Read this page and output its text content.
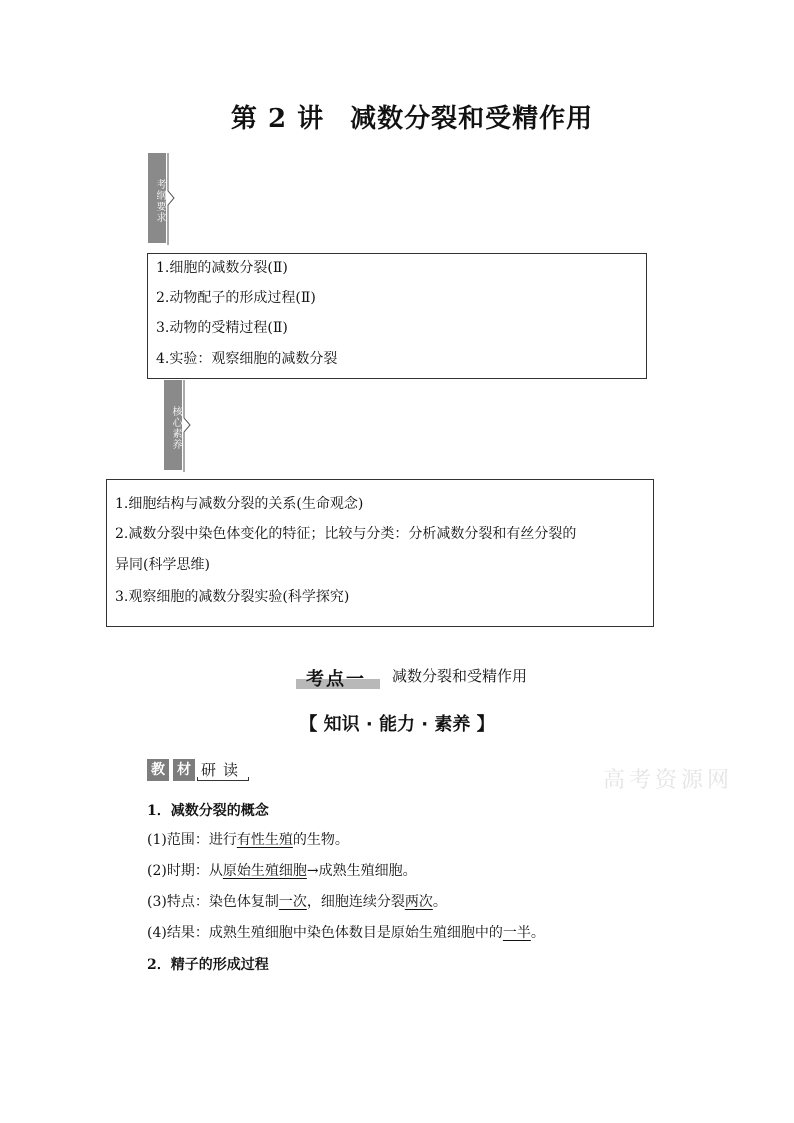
第 2 讲 减数分裂和受精作用
考纲要求
1.细胞的减数分裂(Ⅱ)
2.动物配子的形成过程(Ⅱ)
3.动物的受精过程(Ⅱ)
4.实验：观察细胞的减数分裂
核心素养
1.细胞结构与减数分裂的关系(生命观念)
2.减数分裂中染色体变化的特征；比较与分类：分析减数分裂和有丝分裂的
异同(科学思维)
3.观察细胞的减数分裂实验(科学探究)
考点一 减数分裂和受精作用
【 知识 · 能力 · 素养 】
教 材 研 读	高考资源网
1．减数分裂的概念
(1)范围：进行有性生殖的生物。
(2)时期：从原始生殖细胞→成熟生殖细胞。
(3)特点：染色体复制一次，细胞连续分裂两次。
(4)结果：成熟生殖细胞中染色体数目是原始生殖细胞中的一半。
2．精子的形成过程
